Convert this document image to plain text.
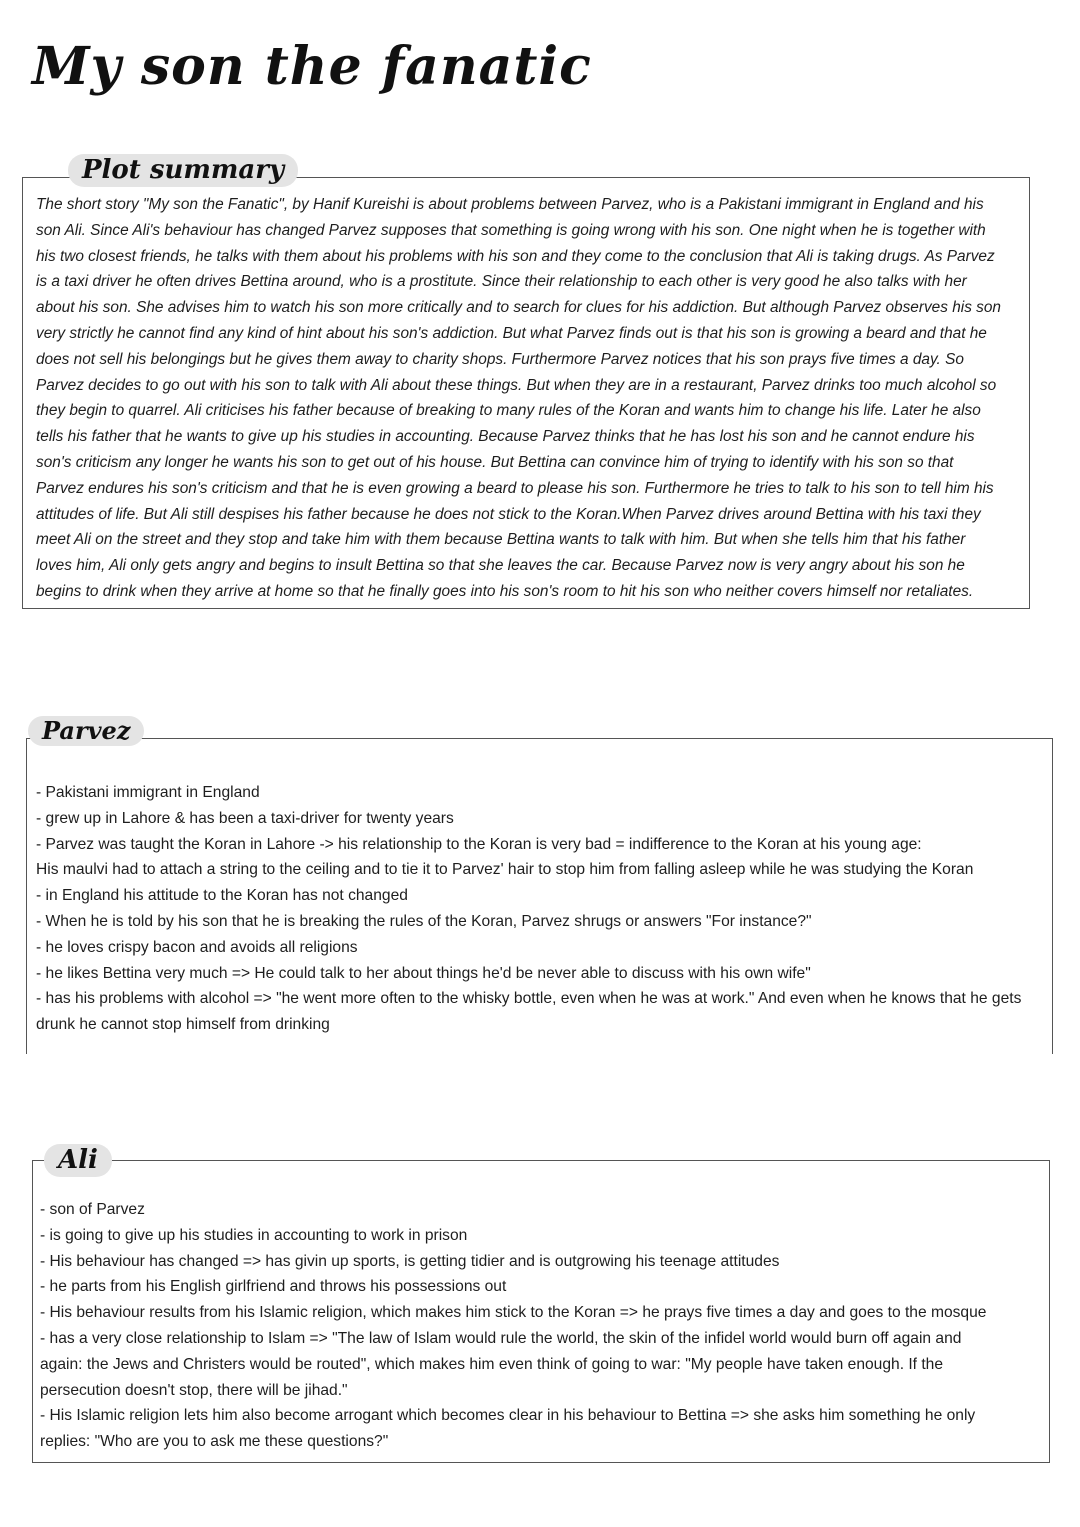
My son the fanatic
Plot summary

The short story "My son the Fanatic", by Hanif Kureishi is about problems between Parvez, who is a Pakistani immigrant in England and his son Ali. Since Ali's behaviour has changed Parvez supposes that something is going wrong with his son. One night when he is together with his two closest friends, he talks with them about his problems with his son and they come to the conclusion that Ali is taking drugs. As Parvez is a taxi driver he often drives Bettina around, who is a prostitute. Since their relationship to each other is very good he also talks with her about his son. She advises him to watch his son more critically and to search for clues for his addiction. But although Parvez observes his son very strictly he cannot find any kind of hint about his son's addiction. But what Parvez finds out is that his son is growing a beard and that he does not sell his belongings but he gives them away to charity shops. Furthermore Parvez notices that his son prays five times a day. So Parvez decides to go out with his son to talk with Ali about these things. But when they are in a restaurant, Parvez drinks too much alcohol so they begin to quarrel. Ali criticises his father because of breaking to many rules of the Koran and wants him to change his life. Later he also tells his father that he wants to give up his studies in accounting. Because Parvez thinks that he has lost his son and he cannot endure his son's criticism any longer he wants his son to get out of his house. But Bettina can convince him of trying to identify with his son so that Parvez endures his son's criticism and that he is even growing a beard to please his son. Furthermore he tries to talk to his son to tell him his attitudes of life. But Ali still despises his father because he does not stick to the Koran.When Parvez drives around Bettina with his taxi they meet Ali on the street and they stop and take him with them because Bettina wants to talk with him. But when she tells him that his father loves him, Ali only gets angry and begins to insult Bettina so that she leaves the car. Because Parvez now is very angry about his son he begins to drink when they arrive at home so that he finally goes into his son's room to hit his son who neither covers himself nor retaliates.

Parvez
- Pakistani immigrant in England
- grew up in Lahore & has been a taxi-driver for twenty years
- Parvez was taught the Koran in Lahore -> his relationship to the Koran is very bad = indifference to the Koran at his young age:
His maulvi had to attach a string to the ceiling and to tie it to Parvez' hair to stop him from falling asleep while he was studying the Koran
- in England his attitude to the Koran has not changed
- When he is told by his son that he is breaking the rules of the Koran, Parvez shrugs or answers "For instance?"
- he loves crispy bacon and avoids all religions
- he likes Bettina very much => He could talk to her about things he'd be never able to discuss with his own wife"
- has his problems with alcohol => "he went more often to the whisky bottle, even when he was at work." And even when he knows that he gets drunk he cannot stop himself from drinking
Ali
- son of Parvez
- is going to give up his studies in accounting to work in prison
- His behaviour has changed => has givin up sports, is getting tidier and is outgrowing his teenage attitudes
- he parts from his English girlfriend and throws his possessions out
- His behaviour results from his Islamic religion, which makes him stick to the Koran => he prays five times a day and goes to the mosque
- has a very close relationship to Islam => "The law of Islam would rule the world, the skin of the infidel world would burn off again and again: the Jews and Christers would be routed", which makes him even think of going to war: "My people have taken enough. If the persecution doesn't stop, there will be jihad."
- His Islamic religion lets him also become arrogant which becomes clear in his behaviour to Bettina => she asks him something he only replies: "Who are you to ask me these questions?"
